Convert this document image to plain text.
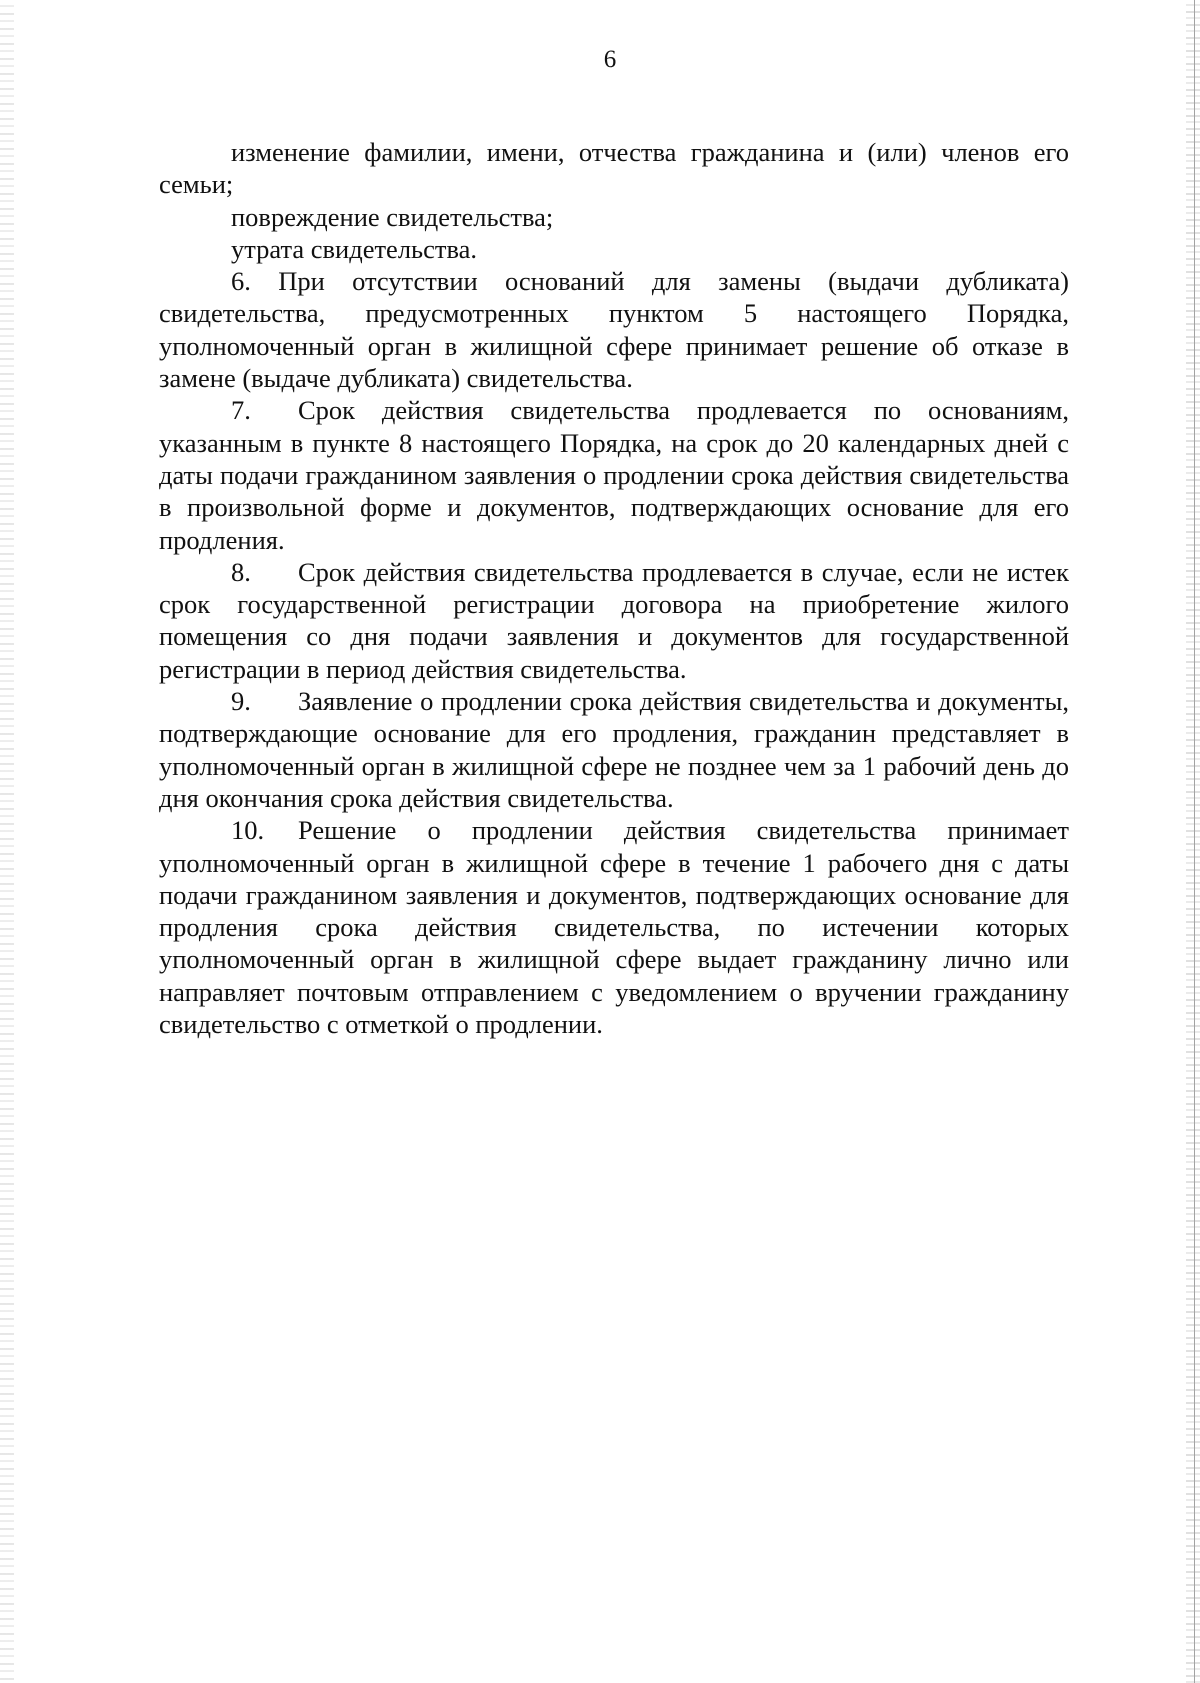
6

изменение фамилии, имени, отчества гражданина и (или) членов его семьи;

повреждение свидетельства;

утрата свидетельства.

6. При отсутствии оснований для замены (выдачи дубликата) свидетельства, предусмотренных пунктом 5 настоящего Порядка, уполномоченный орган в жилищной сфере принимает решение об отказе в замене (выдаче дубликата) свидетельства.

7. Срок действия свидетельства продлевается по основаниям, указанным в пункте 8 настоящего Порядка, на срок до 20 календарных дней с даты подачи гражданином заявления о продлении срока действия свидетельства в произвольной форме и документов, подтверждающих основание для его продления.

8. Срок действия свидетельства продлевается в случае, если не истек срок государственной регистрации договора на приобретение жилого помещения со дня подачи заявления и документов для государственной регистрации в период действия свидетельства.

9. Заявление о продлении срока действия свидетельства и документы, подтверждающие основание для его продления, гражданин представляет в уполномоченный орган в жилищной сфере не позднее чем за 1 рабочий день до дня окончания срока действия свидетельства.

10. Решение о продлении действия свидетельства принимает уполномоченный орган в жилищной сфере в течение 1 рабочего дня с даты подачи гражданином заявления и документов, подтверждающих основание для продления срока действия свидетельства, по истечении которых уполномоченный орган в жилищной сфере выдает гражданину лично или направляет почтовым отправлением с уведомлением о вручении гражданину свидетельство с отметкой о продлении.
